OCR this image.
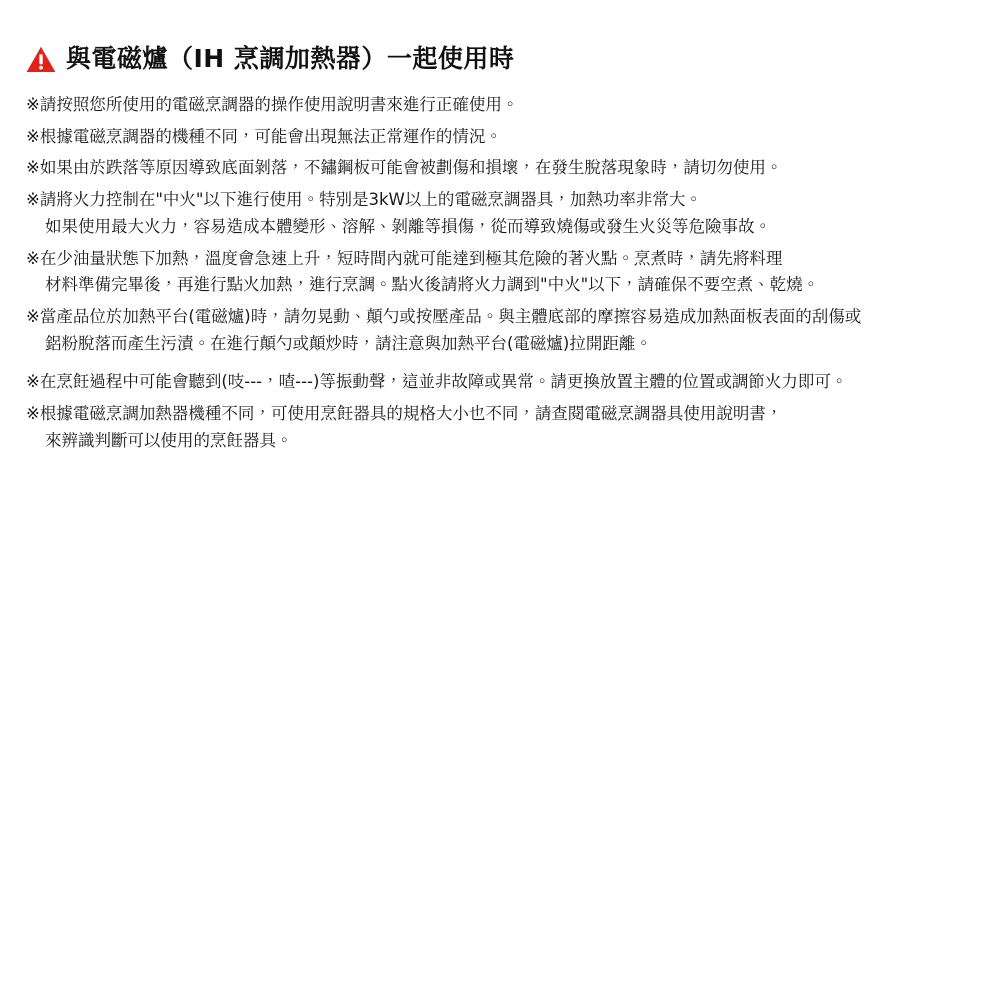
與電磁爐（IH 烹調加熱器）一起使用時
※請按照您所使用的電磁烹調器的操作使用說明書來進行正確使用。
※根據電磁烹調器的機種不同，可能會出現無法正常運作的情況。
※如果由於跌落等原因導致底面剝落，不鏽鋼板可能會被劃傷和損壞，在發生脫落現象時，請切勿使用。
※請將火力控制在"中火"以下進行使用。特別是3kW以上的電磁烹調器具，加熱功率非常大。
如果使用最大火力，容易造成本體變形、溶解、剝離等損傷，從而導致燒傷或發生火災等危險事故。
※在少油量狀態下加熱，溫度會急速上升，短時間內就可能達到極其危險的著火點。烹煮時，請先將料理
材料準備完畢後，再進行點火加熱，進行烹調。點火後請將火力調到"中火"以下，請確保不要空煮、乾燒。
※當產品位於加熱平台(電磁爐)時，請勿晃動、顛勺或按壓產品。與主體底部的摩擦容易造成加熱面板表面的刮傷或
鋁粉脫落而產生污漬。在進行顛勺或顛炒時，請注意與加熱平台(電磁爐)拉開距離。
※在烹飪過程中可能會聽到(吱---，喳---)等振動聲，這並非故障或異常。請更換放置主體的位置或調節火力即可。
※根據電磁烹調加熱器機種不同，可使用烹飪器具的規格大小也不同，請查閱電磁烹調器具使用說明書，
來辨識判斷可以使用的烹飪器具。
